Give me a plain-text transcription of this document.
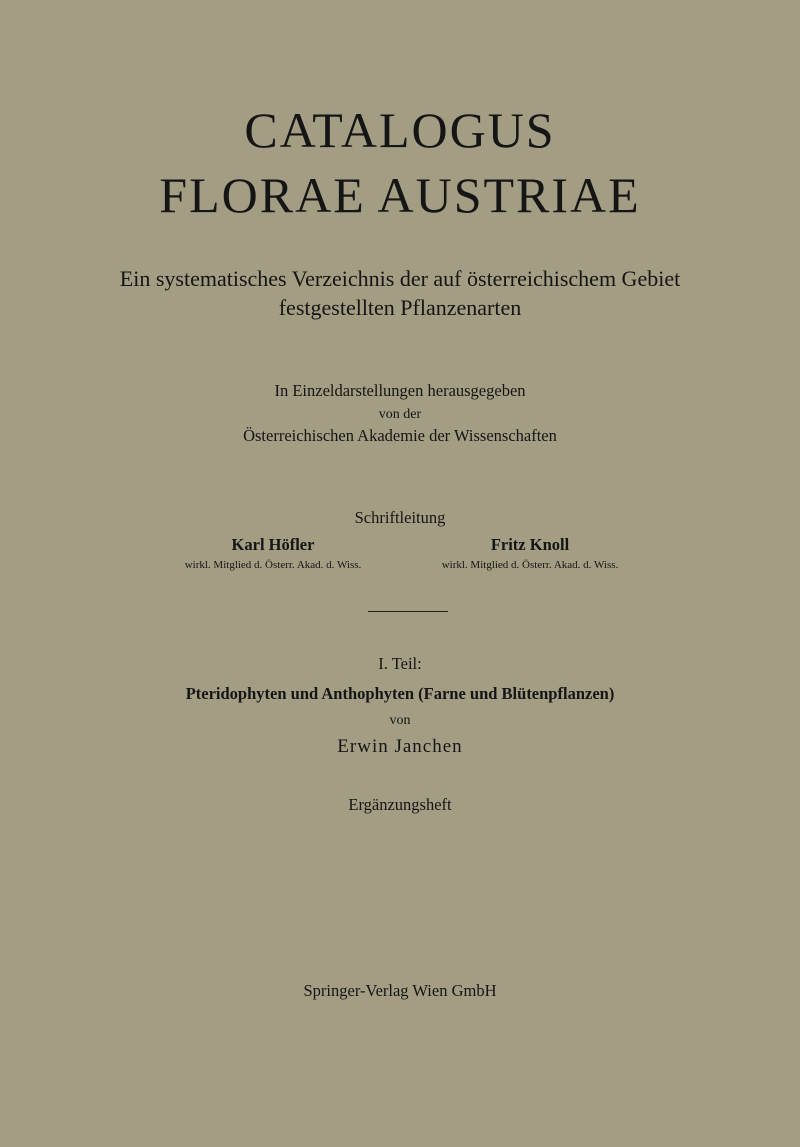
CATALOGUS
FLORAE AUSTRIAE
Ein systematisches Verzeichnis der auf österreichischem Gebiet
festgestellten Pflanzenarten
In Einzeldarstellungen herausgegeben
von der
Österreichischen Akademie der Wissenschaften
Schriftleitung
Karl Höfler
wirkl. Mitglied d. Österr. Akad. d. Wiss.
Fritz Knoll
wirkl. Mitglied d. Österr. Akad. d. Wiss.
I. Teil:
Pteridophyten und Anthophyten (Farne und Blütenpflanzen)
von
Erwin Janchen
Ergänzungsheft
Springer-Verlag Wien GmbH
